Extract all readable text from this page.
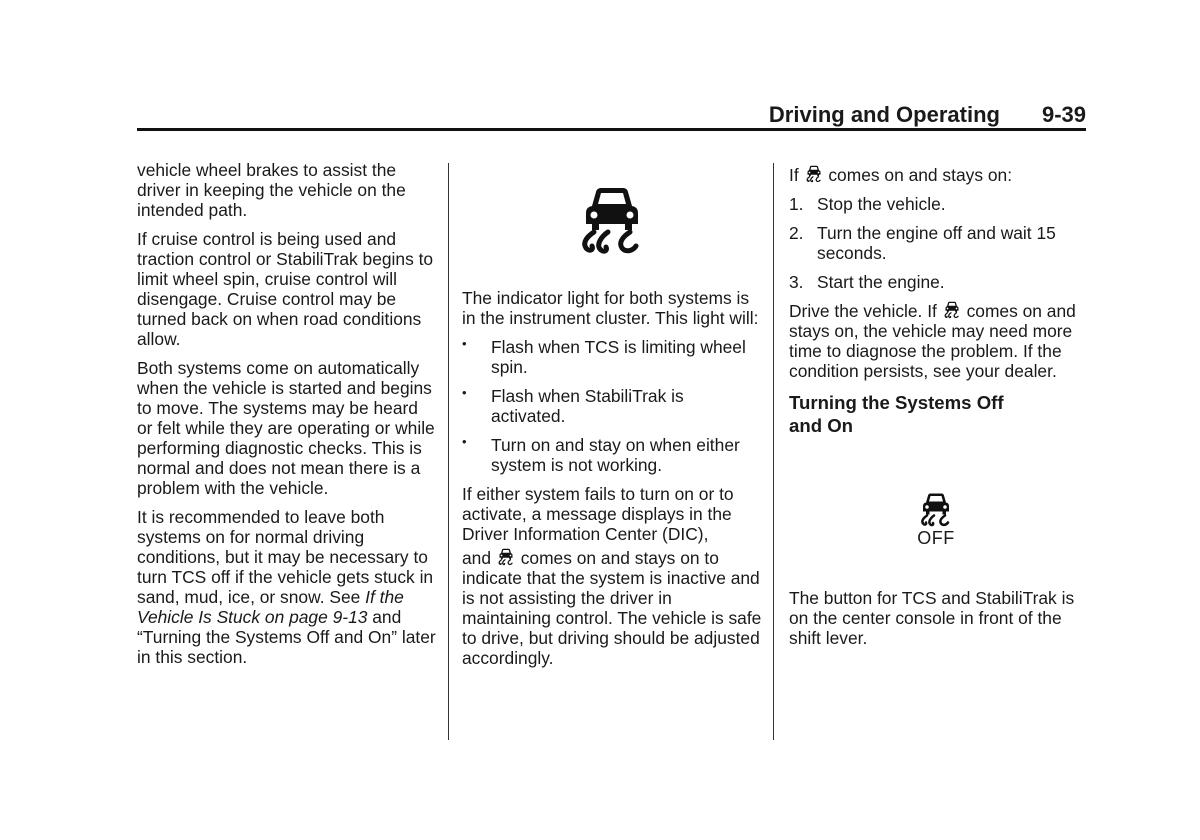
Driving and Operating 9-39

vehicle wheel brakes to assist the driver in keeping the vehicle on the intended path.

If cruise control is being used and traction control or StabiliTrak begins to limit wheel spin, cruise control will disengage. Cruise control may be turned back on when road conditions allow.

Both systems come on automatically when the vehicle is started and begins to move. The systems may be heard or felt while they are operating or while performing diagnostic checks. This is normal and does not mean there is a problem with the vehicle.

It is recommended to leave both systems on for normal driving conditions, but it may be necessary to turn TCS off if the vehicle gets stuck in sand, mud, ice, or snow. See If the Vehicle Is Stuck on page 9-13 and “Turning the Systems Off and On” later in this section.

The indicator light for both systems is in the instrument cluster. This light will:

• Flash when TCS is limiting wheel spin.
• Flash when StabiliTrak is activated.
• Turn on and stay on when either system is not working.

If either system fails to turn on or to activate, a message displays in the Driver Information Center (DIC),

and comes on and stays on to indicate that the system is inactive and is not assisting the driver in maintaining control. The vehicle is safe to drive, but driving should be adjusted accordingly.

If comes on and stays on:

1. Stop the vehicle.
2. Turn the engine off and wait 15 seconds.
3. Start the engine.

Drive the vehicle. If comes on and stays on, the vehicle may need more time to diagnose the problem. If the condition persists, see your dealer.

Turning the Systems Off and On
OFF

The button for TCS and StabiliTrak is on the center console in front of the shift lever.
